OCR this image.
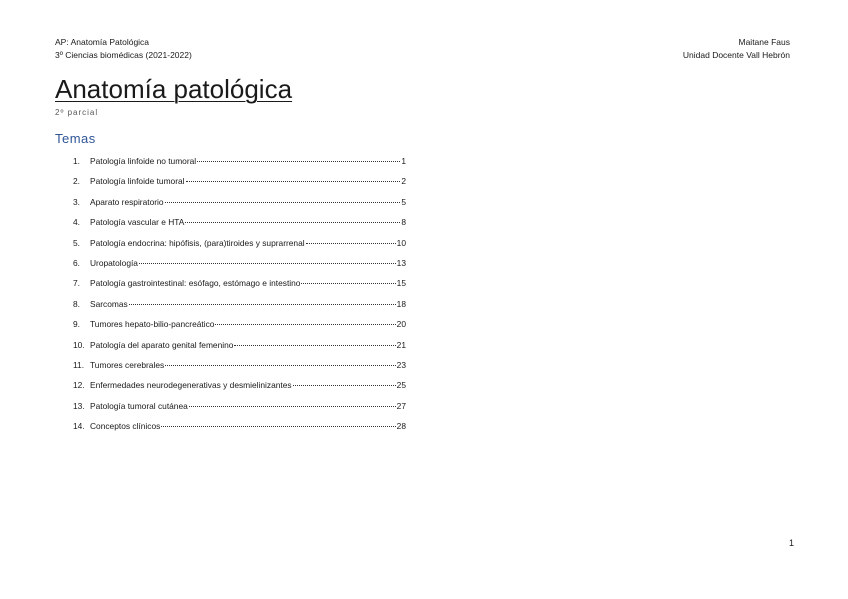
AP: Anatomía Patológica
3º Ciencias biomédicas (2021-2022)
Maitane Faus
Unidad Docente Vall Hebrón
Anatomía patológica
2º parcial
Temas
1.	Patología linfoide no tumoral	1
2.	Patología linfoide tumoral	2
3.	Aparato respiratorio	5
4.	Patología vascular e HTA	8
5.	Patología endocrina: hipófisis, (para)tiroides y suprarrenal	10
6.	Uropatología	13
7.	Patología gastrointestinal: esófago, estómago e intestino	15
8.	Sarcomas	18
9.	Tumores hepato-bilio-pancreático	20
10. Patología del aparato genital femenino	21
11. Tumores cerebrales	23
12. Enfermedades neurodegenerativas y desmielinizantes	25
13. Patología tumoral cutánea	27
14. Conceptos clínicos	28
1
